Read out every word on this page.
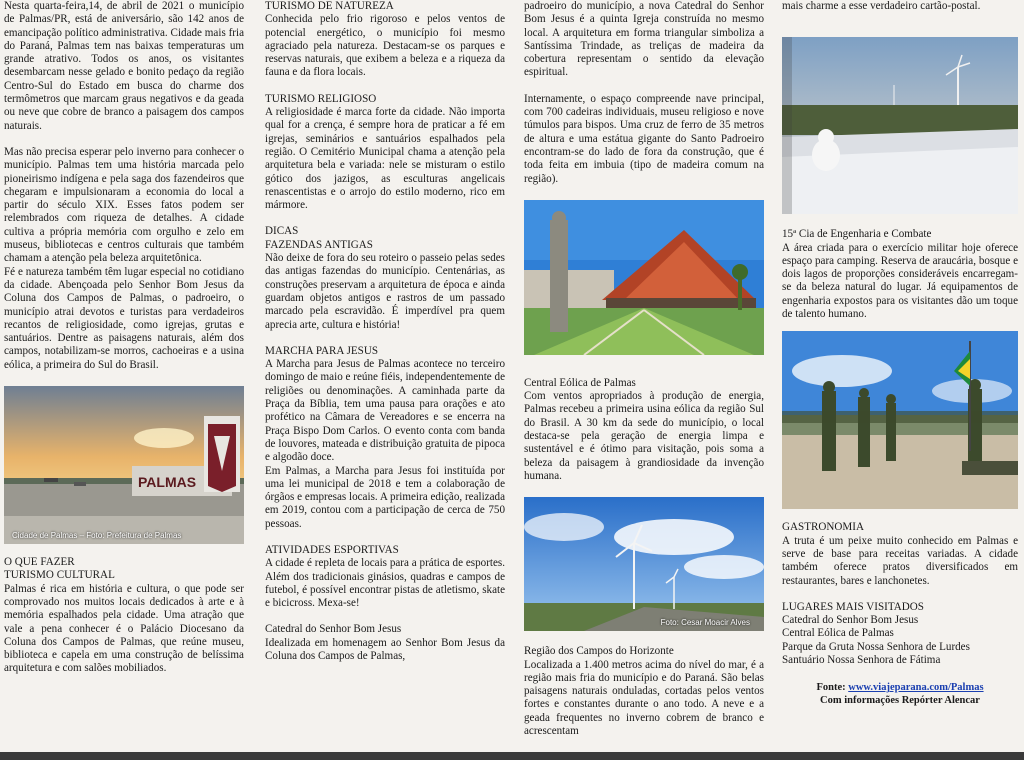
Nesta quarta-feira,14, de abril de 2021 o município de Palmas/PR, está de aniversário, são 142 anos de emancipação político administrativa. Cidade mais fria do Paraná, Palmas tem nas baixas temperaturas um grande atrativo. Todos os anos, os visitantes desembarcam nesse gelado e bonito pedaço da região Centro-Sul do Estado em busca do charme dos termômetros que marcam graus negativos e da geada ou neve que cobre de branco a paisagem dos campos naturais.

Mas não precisa esperar pelo inverno para conhecer o município. Palmas tem uma história marcada pelo pioneirismo indígena e pela saga dos fazendeiros que chegaram e impulsionaram a economia do local a partir do século XIX. Esses fatos podem ser relembrados com riqueza de detalhes. A cidade cultiva a própria memória com orgulho e zelo em museus, bibliotecas e centros culturais que também chamam a atenção pela beleza arquitetônica.

Fé e natureza também têm lugar especial no cotidiano da cidade. Abençoada pelo Senhor Bom Jesus da Coluna dos Campos de Palmas, o padroeiro, o município atrai devotos e turistas para verdadeiros recantos de religiosidade, como igrejas, grutas e santuários. Dentre as paisagens naturais, além dos campos, notabilizam-se morros, cachoeiras e a usina eólica, a primeira do Sul do Brasil.

PALMAS
Cidade de Palmas – Foto: Prefeitura de Palmas

O QUE FAZER

TURISMO CULTURAL

Palmas é rica em história e cultura, o que pode ser comprovado nos muitos locais dedicados à arte e à memória espalhados pela cidade. Uma atração que vale a pena conhecer é o Palácio Diocesano da Coluna dos Campos de Palmas, que reúne museu, biblioteca e capela em uma construção de belíssima arquitetura e com salões mobiliados.

TURISMO DE NATUREZA

Conhecida pelo frio rigoroso e pelos ventos de potencial energético, o município foi mesmo agraciado pela natureza. Destacam-se os parques e reservas naturais, que exibem a beleza e a riqueza da fauna e da flora locais.

TURISMO RELIGIOSO

A religiosidade é marca forte da cidade. Não importa qual for a crença, é sempre hora de praticar a fé em igrejas, seminários e santuários espalhados pela região. O Cemitério Municipal chama a atenção pela arquitetura bela e variada: nele se misturam o estilo gótico dos jazigos, as esculturas angelicais renascentistas e o arrojo do estilo moderno, rico em mármore.

DICAS

FAZENDAS ANTIGAS

Não deixe de fora do seu roteiro o passeio pelas sedes das antigas fazendas do município. Centenárias, as construções preservam a arquitetura de época e ainda guardam objetos antigos e rastros de um passado marcado pela escravidão. É imperdível pra quem aprecia arte, cultura e história!

MARCHA PARA JESUS

A Marcha para Jesus de Palmas acontece no terceiro domingo de maio e reúne fiéis, independentemente de religiões ou denominações. A caminhada parte da Praça da Bíblia, tem uma pausa para orações e ato profético na Câmara de Vereadores e se encerra na Praça Bispo Dom Carlos. O evento conta com banda de louvores, mateada e distribuição gratuita de pipoca e algodão doce.

Em Palmas, a Marcha para Jesus foi instituída por uma lei municipal de 2018 e tem a colaboração de órgãos e empresas locais. A primeira edição, realizada em 2019, contou com a participação de cerca de 750 pessoas.

ATIVIDADES ESPORTIVAS

A cidade é repleta de locais para a prática de esportes. Além dos tradicionais ginásios, quadras e campos de futebol, é possível encontrar pistas de atletismo, skate e bicicross. Mexa-se!

Catedral do Senhor Bom Jesus

Idealizada em homenagem ao Senhor Bom Jesus da Coluna dos Campos de Palmas,

padroeiro do município, a nova Catedral do Senhor Bom Jesus é a quinta Igreja construída no mesmo local. A arquitetura em forma triangular simboliza a Santíssima Trindade, as treliças de madeira da cobertura representam o sentido da elevação espiritual.

Internamente, o espaço compreende nave principal, com 700 cadeiras individuais, museu religioso e nove túmulos para bispos. Uma cruz de ferro de 35 metros de altura e uma estátua gigante do Santo Padroeiro encontram-se do lado de fora da construção, que é toda feita em imbuia (tipo de madeira comum na região).

Central Eólica de Palmas

Com ventos apropriados à produção de energia, Palmas recebeu a primeira usina eólica da região Sul do Brasil. A 30 km da sede do município, o local destaca-se pela geração de energia limpa e sustentável e é ótimo para visitação, pois soma a beleza da paisagem à grandiosidade da invenção humana.

Foto: Cesar Moacir Alves

Região dos Campos do Horizonte

Localizada a 1.400 metros acima do nível do mar, é a região mais fria do município e do Paraná. São belas paisagens naturais onduladas, cortadas pelos ventos fortes e constantes durante o ano todo. A neve e a geada frequentes no inverno cobrem de branco e acrescentam

mais charme a esse verdadeiro cartão-postal.

15ª Cia de Engenharia e Combate

A área criada para o exercício militar hoje oferece espaço para camping. Reserva de araucária, bosque e dois lagos de proporções consideráveis encarregam-se da beleza natural do lugar. Já equipamentos de engenharia expostos para os visitantes dão um toque de talento humano.

GASTRONOMIA

A truta é um peixe muito conhecido em Palmas e serve de base para receitas variadas. A cidade também oferece pratos diversificados em restaurantes, bares e lanchonetes.

LUGARES MAIS VISITADOS

Catedral do Senhor Bom Jesus

Central Eólica de Palmas

Parque da Gruta Nossa Senhora de Lurdes

Santuário Nossa Senhora de Fátima

Fonte: www.viajeparana.com/Palmas
Com informações Repórter Alencar
